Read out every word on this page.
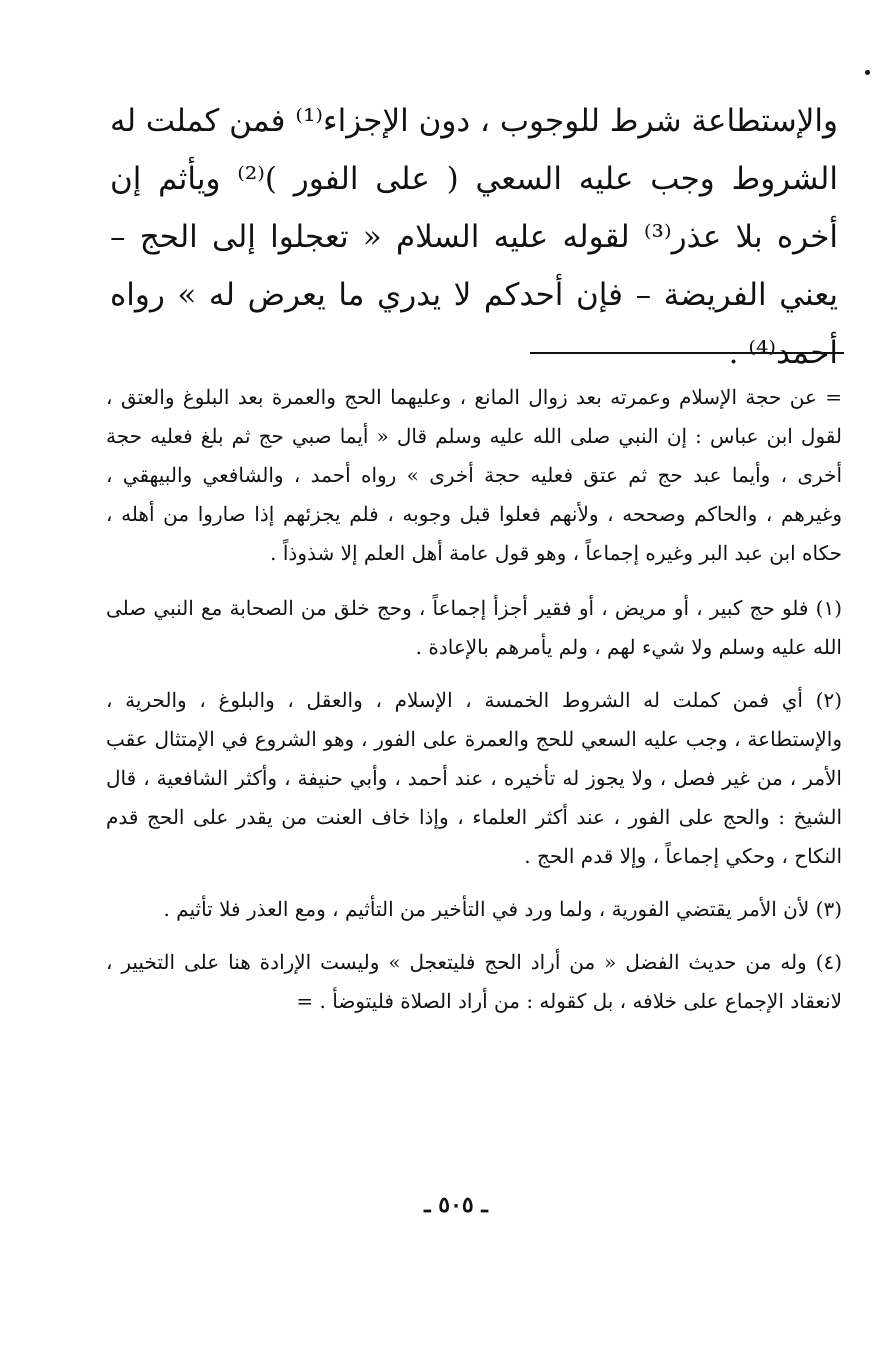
والإستطاعة شرط للوجوب ، دون الإجزاء⁽¹⁾ فمن كملت له الشروط وجب عليه السعي ( على الفور )⁽²⁾ ويأثم إن أخره بلا عذر⁽³⁾ لقوله عليه السلام « تعجلوا إلى الحج – يعني الفريضة – فإن أحدكم لا يدري ما يعرض له » رواه أحمد⁽⁴⁾ .

= عن حجة الإسلام وعمرته بعد زوال المانع ، وعليهما الحج والعمرة بعد البلوغ والعتق ، لقول ابن عباس : إن النبي صلى الله عليه وسلم قال « أيما صبي حج ثم بلغ فعليه حجة أخرى ، وأيما عبد حج ثم عتق فعليه حجة أخرى » رواه أحمد ، والشافعي والبيهقي ، وغيرهم ، والحاكم وصححه ، ولأنهم فعلوا قبل وجوبه ، فلم يجزئهم إذا صاروا من أهله ، حكاه ابن عبد البر وغيره إجماعاً ، وهو قول عامة أهل العلم إلا شذوذاً .

(١) فلو حج كبير ، أو مريض ، أو فقير أجزأ إجماعاً ، وحج خلق من الصحابة مع النبي صلى الله عليه وسلم ولا شيء لهم ، ولم يأمرهم بالإعادة .

(٢) أي فمن كملت له الشروط الخمسة ، الإسلام ، والعقل ، والبلوغ ، والحرية ، والإستطاعة ، وجب عليه السعي للحج والعمرة على الفور ، وهو الشروع في الإمتثال عقب الأمر ، من غير فصل ، ولا يجوز له تأخيره ، عند أحمد ، وأبي حنيفة ، وأكثر الشافعية ، قال الشيخ : والحج على الفور ، عند أكثر العلماء ، وإذا خاف العنت من يقدر على الحج قدم النكاح ، وحكي إجماعاً ، وإلا قدم الحج .

(٣) لأن الأمر يقتضي الفورية ، ولما ورد في التأخير من التأثيم ، ومع العذر فلا تأثيم .

(٤) وله من حديث الفضل « من أراد الحج فليتعجل » وليست الإرادة هنا على التخيير ، لانعقاد الإجماع على خلافه ، بل كقوله : من أراد الصلاة فليتوضأ . =

ـ ٥٠٥ ـ
